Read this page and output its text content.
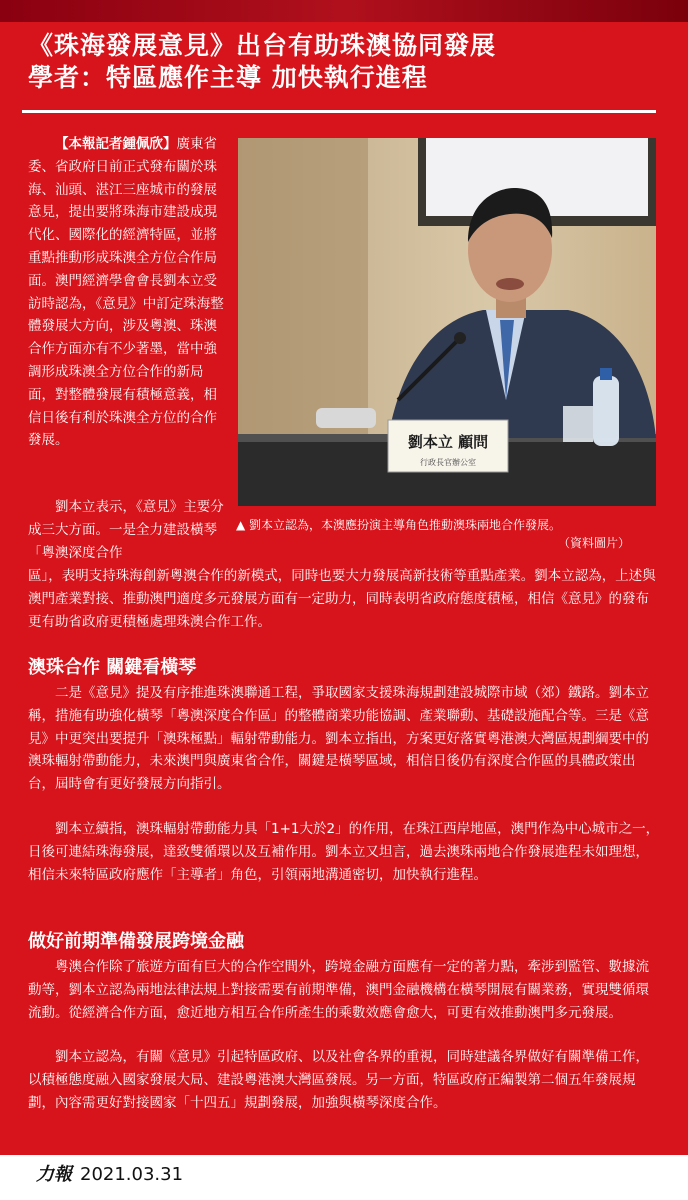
《珠海發展意見》出台有助珠澳協同發展
學者：特區應作主導 加快執行進程

【本報記者鍾佩欣】廣東省委、省政府日前正式發布關於珠海、汕頭、湛江三座城市的發展意見，提出要將珠海市建設成現代化、國際化的經濟特區，並將重點推動形成珠澳全方位合作局面。澳門經濟學會會長劉本立受訪時認為，《意見》中訂定珠海整體發展大方向，涉及粵澳、珠澳合作方面亦有不少著墨，當中強調形成珠澳全方位合作的新局面，對整體發展有積極意義，相信日後有利於珠澳全方位的合作發展。

劉本立表示，《意見》主要分成三大方面。一是全力建設橫琴「粵澳深度合作

劉本立 顧問
行政長官辦公室
▲ 劉本立認為，本澳應扮演主導角色推動澳珠兩地合作發展。
（資料圖片）

區」，表明支持珠海創新粵澳合作的新模式，同時也要大力發展高新技術等重點產業。劉本立認為，上述與澳門產業對接、推動澳門適度多元發展方面有一定助力，同時表明省政府態度積極，相信《意見》的發布更有助省政府更積極處理珠澳合作工作。

澳珠合作 關鍵看橫琴

二是《意見》提及有序推進珠澳聯通工程，爭取國家支援珠海規劃建設城際市域（郊）鐵路。劉本立稱，措施有助強化橫琴「粵澳深度合作區」的整體商業功能協調、產業聯動、基礎設施配合等。三是《意見》中更突出要提升「澳珠極點」輻射帶動能力。劉本立指出，方案更好落實粵港澳大灣區規劃綱要中的澳珠輻射帶動能力，未來澳門與廣東省合作，關鍵是橫琴區域，相信日後仍有深度合作區的具體政策出台，屆時會有更好發展方向指引。

劉本立續指，澳珠輻射帶動能力具「1+1大於2」的作用，在珠江西岸地區，澳門作為中心城市之一，日後可連結珠海發展，達致雙循環以及互補作用。劉本立又坦言，過去澳珠兩地合作發展進程未如理想，相信未來特區政府應作「主導者」角色，引領兩地溝通密切，加快執行進程。

做好前期準備發展跨境金融

粵澳合作除了旅遊方面有巨大的合作空間外，跨境金融方面應有一定的著力點，牽涉到監管、數據流動等，劉本立認為兩地法律法規上對接需要有前期準備，澳門金融機構在橫琴開展有關業務，實現雙循環流動。從經濟合作方面，愈近地方相互合作所產生的乘數效應會愈大，可更有效推動澳門多元發展。

劉本立認為，有關《意見》引起特區政府、以及社會各界的重視，同時建議各界做好有關準備工作，以積極態度融入國家發展大局、建設粵港澳大灣區發展。另一方面，特區政府正編製第二個五年發展規劃，內容需更好對接國家「十四五」規劃發展，加強與橫琴深度合作。

力報 2021.03.31
